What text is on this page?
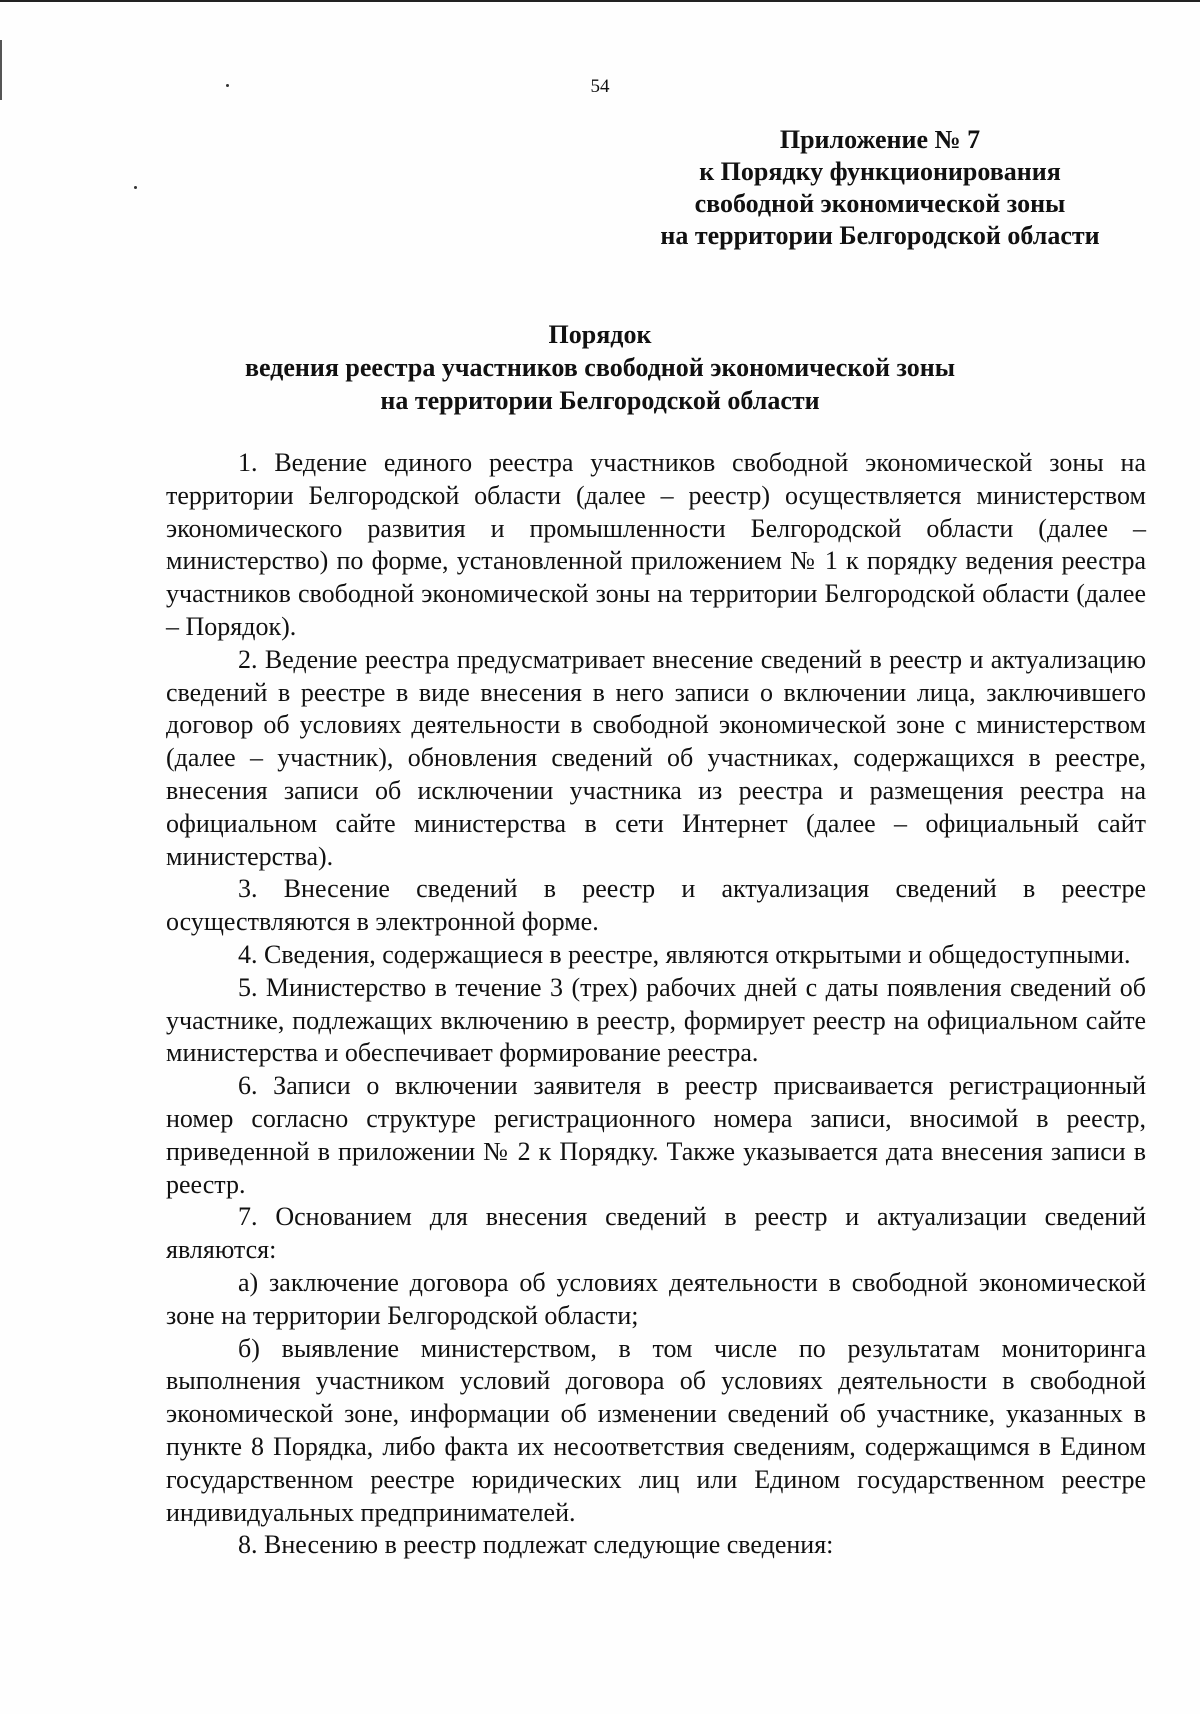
54
Приложение № 7
к Порядку функционирования
свободной экономической зоны
на территории Белгородской области
Порядок
ведения реестра участников свободной экономической зоны
на территории Белгородской области

1. Ведение единого реестра участников свободной экономической зоны на территории Белгородской области (далее – реестр) осуществляется министерством экономического развития и промышленности Белгородской области (далее – министерство) по форме, установленной приложением № 1 к порядку ведения реестра участников свободной экономической зоны на территории Белгородской области (далее – Порядок).

2. Ведение реестра предусматривает внесение сведений в реестр и актуализацию сведений в реестре в виде внесения в него записи о включении лица, заключившего договор об условиях деятельности в свободной экономической зоне с министерством (далее – участник), обновления сведений об участниках, содержащихся в реестре, внесения записи об исключении участника из реестра и размещения реестра на официальном сайте министерства в сети Интернет (далее – официальный сайт министерства).

3. Внесение сведений в реестр и актуализация сведений в реестре осуществляются в электронной форме.

4. Сведения, содержащиеся в реестре, являются открытыми и общедоступными.

5. Министерство в течение 3 (трех) рабочих дней с даты появления сведений об участнике, подлежащих включению в реестр, формирует реестр на официальном сайте министерства и обеспечивает формирование реестра.

6. Записи о включении заявителя в реестр присваивается регистрационный номер согласно структуре регистрационного номера записи, вносимой в реестр, приведенной в приложении № 2 к Порядку. Также указывается дата внесения записи в реестр.

7. Основанием для внесения сведений в реестр и актуализации сведений являются:

а) заключение договора об условиях деятельности в свободной экономической зоне на территории Белгородской области;

б) выявление министерством, в том числе по результатам мониторинга выполнения участником условий договора об условиях деятельности в свободной экономической зоне, информации об изменении сведений об участнике, указанных в пункте 8 Порядка, либо факта их несоответствия сведениям, содержащимся в Едином государственном реестре юридических лиц или Едином государственном реестре индивидуальных предпринимателей.

8. Внесению в реестр подлежат следующие сведения:
